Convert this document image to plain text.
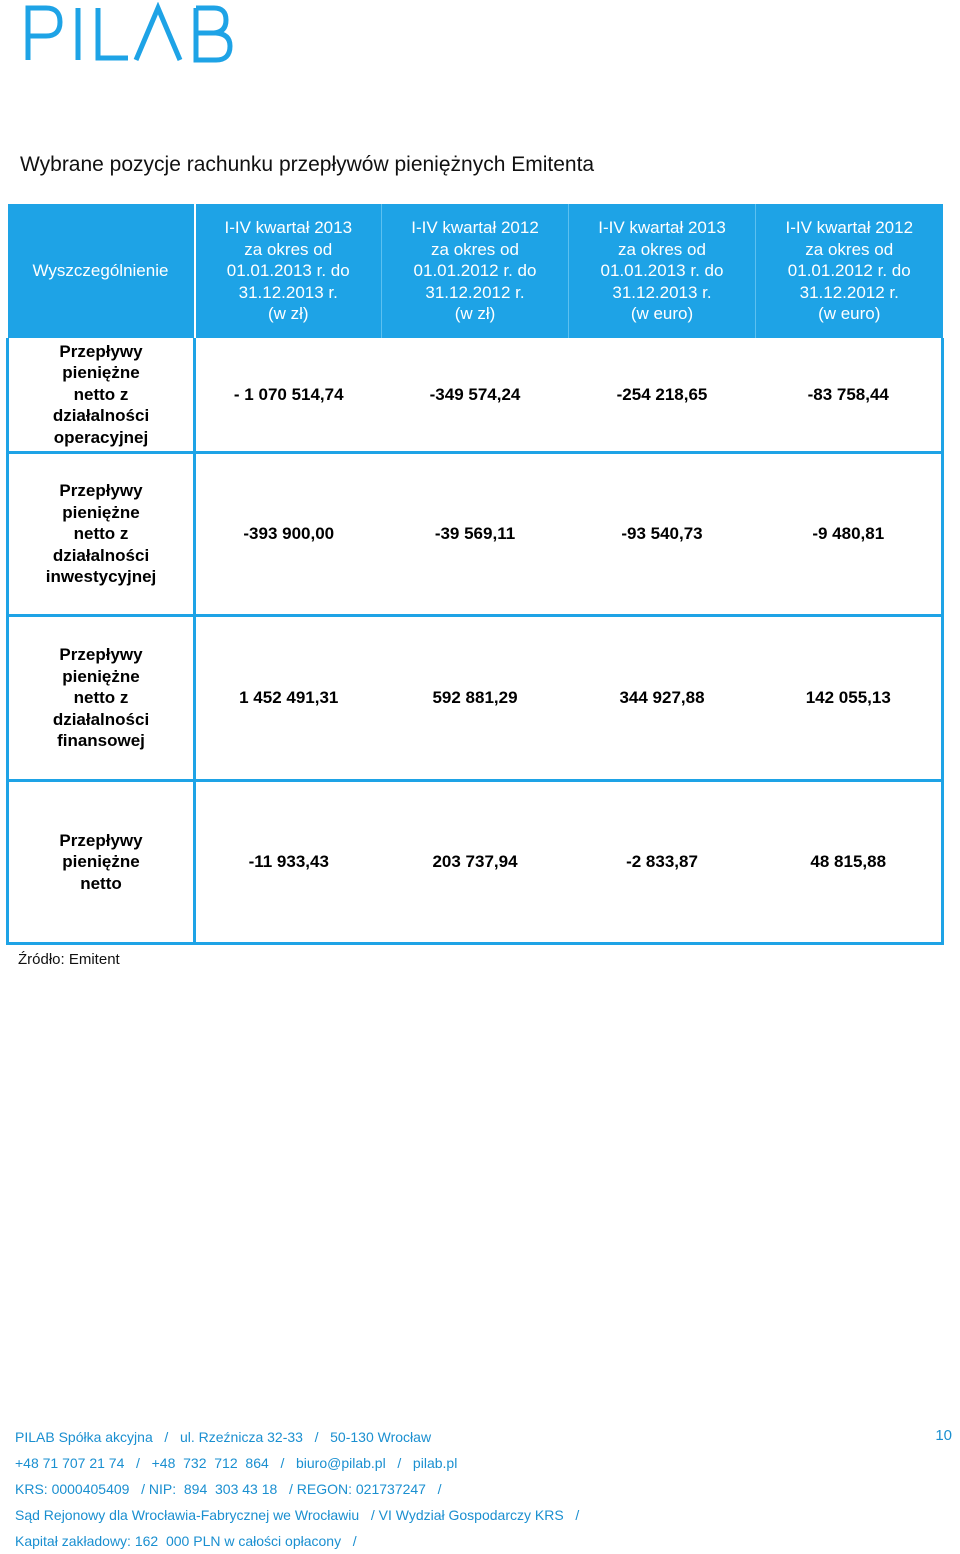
Wybrane pozycje rachunku przepływów pieniężnych Emitenta
Wyszczególnienie	I-IV kwartał 2013
za okres od
01.01.2013 r. do
31.12.2013 r.
(w zł)	I-IV kwartał 2012
za okres od
01.01.2012 r. do
31.12.2012 r.
(w zł)	I-IV kwartał 2013
za okres od
01.01.2013 r. do
31.12.2013 r.
(w euro)	I-IV kwartał 2012
za okres od
01.01.2012 r. do
31.12.2012 r.
(w euro)

Przepływy
pieniężne
netto z
działalności
operacyjnej	- 1 070 514,74	-349 574,24	-254 218,65	-83 758,44

Przepływy
pieniężne
netto z
działalności
inwestycyjnej	-393 900,00	-39 569,11	-93 540,73	-9 480,81

Przepływy
pieniężne
netto z
działalności
finansowej	1 452 491,31	592 881,29	344 927,88	142 055,13

Przepływy
pieniężne
netto	-11 933,43	203 737,94	-2 833,87	48 815,88
Źródło: Emitent
PILAB Spółka akcyjna   /   ul. Rzeźnicza 32-33   /   50-130 Wrocław
+48 71 707 21 74   /   +48  732  712  864   /   biuro@pilab.pl   /   pilab.pl
KRS: 0000405409   / NIP:  894  303 43 18   / REGON: 021737247   /
Sąd Rejonowy dla Wrocławia-Fabrycznej we Wrocławiu   / VI Wydział Gospodarczy KRS   /
Kapitał zakładowy: 162  000 PLN w całości opłacony   /
10
